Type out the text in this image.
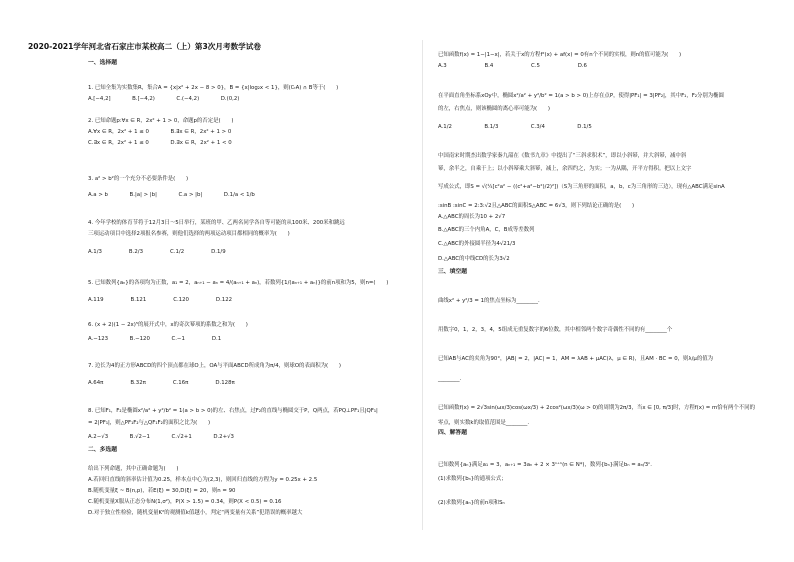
2020-2021学年河北省石家庄市某校高二（上）第3次月考数学试卷
一、选择题
1. 已知全集为实数集R，集合A = {x|x² + 2x − 8 > 0}，B = {x|log₂x < 1}，则(∁ᵣA) ∩ B等于(　　)
A.[−4,2]　　　　B.[−4,2)　　　　C.(−4,2)　　　　D.(0,2)
2. 已知命题p:∀x ∈ R，2x² + 1 > 0，命题p的否定是(　　)
A.∀x ∈ R，2x² + 1 ≤ 0　　　　B.∃x ∈ R，2x² + 1 > 0
C.∃x ∈ R，2x² + 1 ≤ 0　　　　D.∃x ∈ R，2x² + 1 < 0
3. a² > b²的一个充分不必要条件是(　　)
A.a > b　　　　B.|a| > |b|　　　　C.a > |b|　　　　D.1/a < 1/b
4. 今年学校的体育节将于12月3日～5日举行，某班的甲、乙两名同学各自等可能的从100米、200米和跳远
三项运动项目中选择2项报名参赛，则他们选择的两项运动项目都相同的概率为(　　)
A.1/3　　　　　B.2/3　　　　　C.1/2　　　　　D.1/9
5. 已知数列{aₙ}的各项均为正数，a₁ = 2，aₙ₊₁ − aₙ = 4/(aₙ₊₁ + aₙ)，若数列{1/(aₙ₊₁ + aₙ)}的前n项和为5，则n=(　　)
A.119　　　　　B.121　　　　　C.120　　　　　D.122
6. (x + 2)(1 − 2x)⁵的展开式中，x的奇次幂项的系数之和为(　　)
A.−123　　　　B.−120　　　　C.−1　　　　　D.1
7. 边长为4的正方形ABCD的四个顶点都在球O上，OA与平面ABCD所成角为π/4，则球O的表面积为(　　)
A.64π　　　　　B.32π　　　　　C.16π　　　　　D.128π
8. 已知F₁，F₂是椭圆x²/a² + y²/b² = 1(a > b > 0)的左、右焦点，过F₂的直线与椭圆交于P，Q两点，若PQ⊥PF₁且|QF₁|
= 2|PF₁|，则△PF₁F₂与△QF₁F₂的面积之比为(　　)
A.2−√3　　　　B.√2−1　　　　C.√2+1　　　　D.2+√3
二、多选题
给出下列命题，其中正确命题为(　　)
A.若回归直线的斜率估计值为0.25，样本点中心为(2,3)，则回归直线的方程为y = 0.25x + 2.5
B.随机变量ξ ~ B(n,p)，若E(ξ) = 30,D(ξ) = 20，则n = 90
C.随机变量X服从正态分布N(1,σ²)，P(X > 1.5) = 0.34，则P(X < 0.5) = 0.16
D.对于独立性检验，随机变量K²的观测值k值越小，判定“两变量有关系”犯错误的概率越大
已知函数f(x) = 1−|1−x|，若关于x的方程f²(x) + af(x) = 0有n个不同的实根，则n的值可能为(　　)
A.3　　　　　　　B.4　　　　　　　C.5　　　　　　　D.6
在平面直角坐标系xOy中，椭圆x²/a² + y²/b² = 1(a > b > 0)上存在点P，使得|PF₁| = 3|PF₂|，其中F₁，F₂分别为椭圆
的左，右焦点，则该椭圆的离心率可能为(　　)
A.1/2　　　　　　B.1/3　　　　　　C.3/4　　　　　　D.1/5
中国南宋时期杰出数学家秦九韶在《数书九章》中提出了“三斜求积术”，即以小斜幂，并大斜幂，减中斜
幂，余半之，自乘于上；以小斜幂乘大斜幂，减上，余四约之，为实；一为从隅，开平方得积。把以上文字
写成公式，即S = √(¼[c²a² − ((c²+a²−b²)/2)²])（S为三角形的面积，a，b，c为三角形的三边），现有△ABC满足sinA
:sinB :sinC = 2:3:√2且△ABC的面积S△ABC = 6√3，则下列结论正确的是(　　)
A.△ABC的周长为10 + 2√7
B.△ABC的三个内角A，C，B成等差数列
C.△ABC的外接圆半径为4√21/3
D.△ABC的中线CD的长为3√2
三、填空题
曲线x² + y²/3 = 1的焦点坐标为________.
用数字0，1，2，3，4，5组成无重复数字的6位数，其中相邻两个数字奇偶性不同的有________个
已知AB与AC的夹角为90°，|AB| = 2，|AC| = 1，AM = λAB + μAC(λ，μ ∈ R)，且AM · BC = 0，则λ/μ的值为
________.
已知函数f(x) = 2√3sin(ωx/3)cos(ωx/3) + 2cos²(ωx/3)(ω > 0)的周期为2π/3，当x ∈ [0, π/3]时，方程f(x) = m恰有两个不同的
零点，则实数k的取值范围是________.
四、解答题
已知数列{aₙ}满足a₁ = 3，aₙ₊₁ = 3aₙ + 2 × 3ⁿ⁺¹(n ∈ N*)，数列{bₙ}满足bₙ = aₙ/3ⁿ.
(1)求数列{bₙ}的通项公式；
(2)求数列{aₙ}的前n项和Sₙ
